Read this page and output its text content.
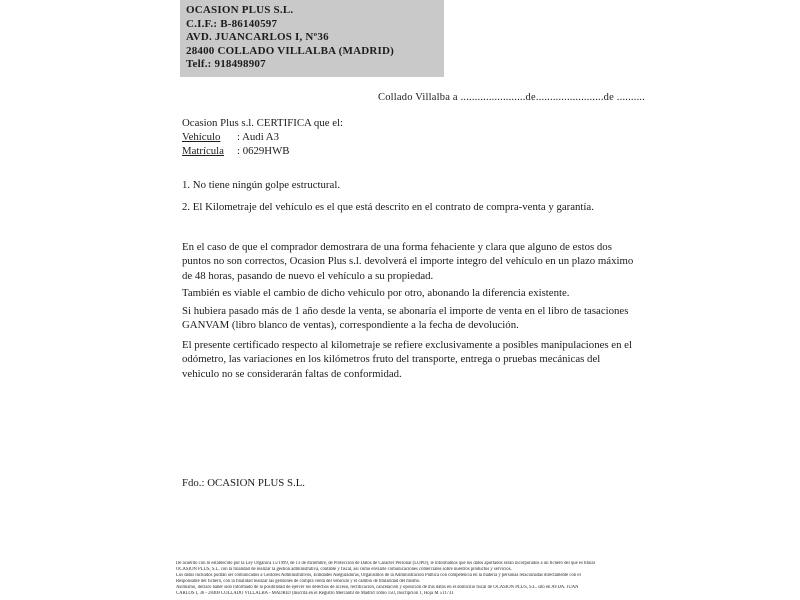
OCASION PLUS S.L.
C.I.F.: B-86140597
AVD. JUANCARLOS I, Nº36
28400 COLLADO VILLALBA (MADRID)
Telf.: 918498907
Collado Villalba a .......................de........................de ..........
Ocasion Plus s.l. CERTIFICA que el:
Vehículo : Audi A3
Matrícula : 0629HWB
1. No tiene ningún golpe estructural.
2. El Kilometraje del vehículo es el que está descrito en el contrato de compra-venta y garantía.
En el caso de que el comprador demostrara de una forma fehaciente y clara que alguno de estos dos puntos no son correctos, Ocasion Plus s.l. devolverá el importe integro del vehículo en un plazo máximo de 48 horas, pasando de nuevo el vehículo a su propiedad.
También es viable el cambio de dicho vehiculo por otro, abonando la diferencia existente.
Si hubiera pasado más de 1 año desde la venta, se abonaría el importe de venta en el libro de tasaciones GANVAM (libro blanco de ventas), correspondiente a la fecha de devolución.
El presente certificado respecto al kilometraje se refiere exclusivamente a posibles manipulaciones en el odómetro, las variaciones en los kilómetros fruto del transporte, entrega o pruebas mecánicas del vehiculo no se considerarán faltas de conformidad.
Fdo.: OCASION PLUS S.L.
De acuerdo con lo establecido por la Ley Orgánica 15/1999, de 13 de diciembre, de Protección de Datos de Carácter Personal (LOPD), le informamos que los datos aportados serán incorporados a un fichero del que es titular
OCASIÓN PLUS, S.L. con la finalidad de realizar la gestión administrativa, contable y fiscal, así como enviarle comunicaciones comerciales sobre nuestros productos y servicios.
Los datos incluidos podrán ser comunicados a Gestores Administrativos, Entidades Aseguradoras, Organismos de la Administración Pública con competencia en la materia y personas relacionadas directamente con el
Responsable del fichero, con la finalidad realizar las gestiones de compra venta del vehículo y el cambio de titularidad del mismo.
Asimismo, declaro haber sido informado de la posibilidad de ejercer los derechos de acceso, rectificación, cancelación y oposición de mis datos en el domicilio fiscal de OCASIÓN PLUS, S.L. sito en AVDA. JUAN
CARLOS I, 36 - 28400 COLLADO VILLALBA - MADRID (Inscrita en el Registro Mercantil de Madrid Tomo 150, Inscripción 1, Hoja M 511731
